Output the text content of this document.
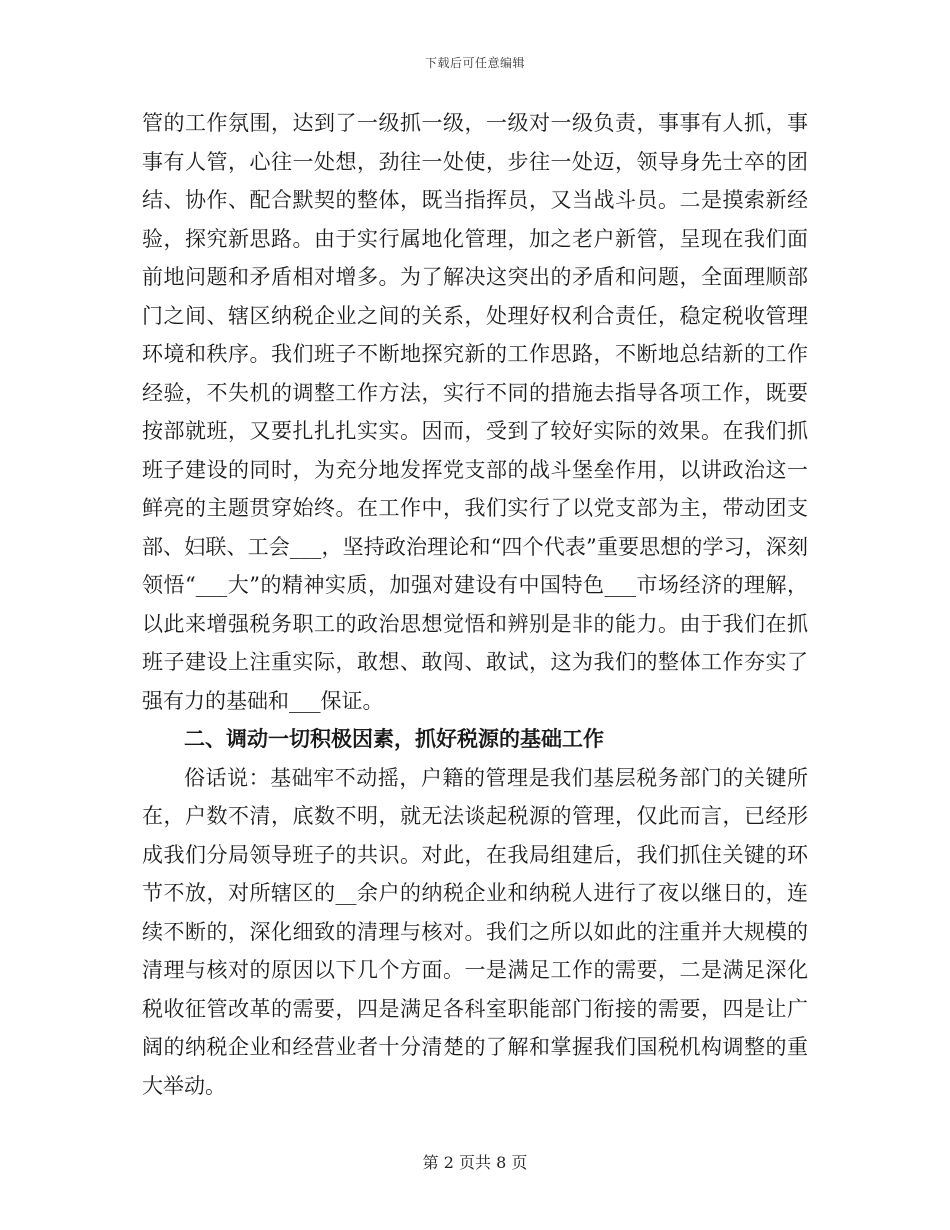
下载后可任意编辑

管的工作氛围，达到了一级抓一级，一级对一级负责，事事有人抓，事事有人管，心往一处想，劲往一处使，步往一处迈，领导身先士卒的团结、协作、配合默契的整体，既当指挥员，又当战斗员。二是摸索新经验，探究新思路。由于实行属地化管理，加之老户新管，呈现在我们面前地问题和矛盾相对增多。为了解决这突出的矛盾和问题，全面理顺部门之间、辖区纳税企业之间的关系，处理好权利合责任，稳定税收管理环境和秩序。我们班子不断地探究新的工作思路，不断地总结新的工作经验，不失机的调整工作方法，实行不同的措施去指导各项工作，既要按部就班，又要扎扎扎实实。因而，受到了较好实际的效果。在我们抓班子建设的同时，为充分地发挥党支部的战斗堡垒作用，以讲政治这一鲜亮的主题贯穿始终。在工作中，我们实行了以党支部为主，带动团支部、妇联、工会___，坚持政治理论和“四个代表”重要思想的学习，深刻领悟“___大”的精神实质，加强对建设有中国特色___市场经济的理解，以此来增强税务职工的政治思想觉悟和辨别是非的能力。由于我们在抓班子建设上注重实际，敢想、敢闯、敢试，这为我们的整体工作夯实了强有力的基础和___保证。

二、调动一切积极因素，抓好税源的基础工作

俗话说：基础牢不动摇，户籍的管理是我们基层税务部门的关键所在，户数不清，底数不明，就无法谈起税源的管理，仅此而言，已经形成我们分局领导班子的共识。对此，在我局组建后，我们抓住关键的环节不放，对所辖区的__余户的纳税企业和纳税人进行了夜以继日的，连续不断的，深化细致的清理与核对。我们之所以如此的注重并大规模的清理与核对的原因以下几个方面。一是满足工作的需要，二是满足深化税收征管改革的需要，四是满足各科室职能部门衔接的需要，四是让广阔的纳税企业和经营业者十分清楚的了解和掌握我们国税机构调整的重大举动。

第 2 页共 8 页
